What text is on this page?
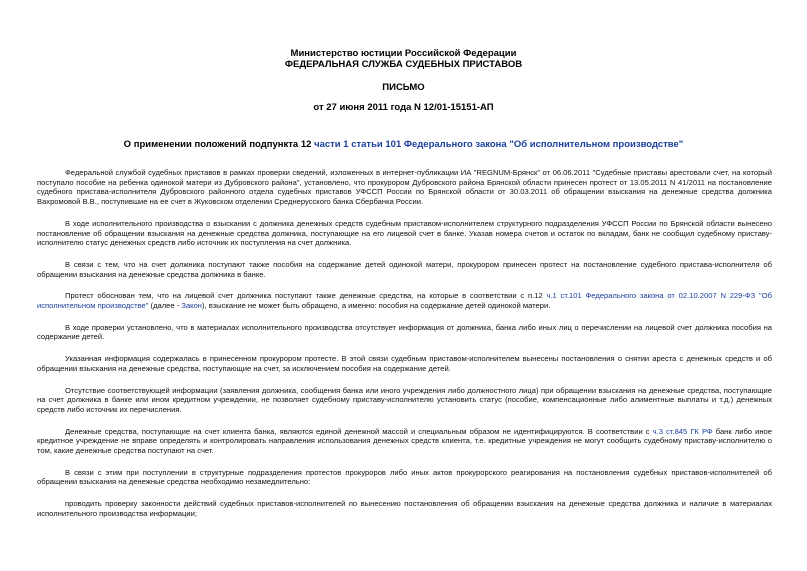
Министерство юстиции Российской Федерации

ФЕДЕРАЛЬНАЯ СЛУЖБА СУДЕБНЫХ ПРИСТАВОВ

ПИСЬМО

от 27 июня 2011 года N 12/01-15151-АП

О применении положений подпункта 12 части 1 статьи 101 Федерального закона "Об исполнительном производстве"

Федеральной службой судебных приставов в рамках проверки сведений, изложенных в интернет-публикации ИА "REGNUM-Брянск" от 06.06.2011 "Судебные приставы арестовали счет, на который поступало пособие на ребенка одинокой матери из Дубровского района", установлено, что прокурором Дубровского района Брянской области принесен протест от 13.05.2011 N 41/2011 на постановление судебного пристава-исполнителя Дубровского районного отдела судебных приставов УФССП России по Брянской области от 30.03.2011 об обращении взыскания на денежные средства должника Вахромовой В.В., поступившие на ее счет в Жуковском отделении Среднерусского банка Сбербанка России.

В ходе исполнительного производства о взыскании с должника денежных средств судебным приставом-исполнителем структурного подразделения УФССП России по Брянской области вынесено постановление об обращении взыскания на денежные средства должника, поступающие на его лицевой счет в банке. Указав номера счетов и остаток по вкладам, банк не сообщил судебному приставу-исполнителю статус денежных средств либо источник их поступления на счет должника.

В связи с тем, что на счет должника поступают также пособия на содержание детей одинокой матери, прокурором принесен протест на постановление судебного пристава-исполнителя об обращении взыскания на денежные средства должника в банке.

Протест обоснован тем, что на лицевой счет должника поступают также денежные средства, на которые в соответствии с п.12 ч.1 ст.101 Федерального закона от 02.10.2007 N 229-ФЗ "Об исполнительном производстве" (далее - Закон), взыскание не может быть обращено, а именно: пособия на содержание детей одинокой матери.

В ходе проверки установлено, что в материалах исполнительного производства отсутствует информация от должника, банка либо иных лиц о перечислении на лицевой счет должника пособия на содержание детей.

Указанная информация содержалась в принесенном прокурором протесте. В этой связи судебным приставом-исполнителем вынесены постановления о снятии ареста с денежных средств и об обращении взыскания на денежные средства, поступающие на счет, за исключением пособия на содержание детей.

Отсутствие соответствующей информации (заявления должника, сообщения банка или иного учреждения либо должностного лица) при обращении взыскания на денежные средства, поступающие на счет должника в банке или ином кредитном учреждении, не позволяет судебному приставу-исполнителю установить статус (пособие, компенсационные либо алиментные выплаты и т.д.) денежных средств либо источник их перечисления.

Денежные средства, поступающие на счет клиента банка, являются единой денежной массой и специальным образом не идентифицируются. В соответствии с ч.3 ст.845 ГК РФ банк либо иное кредитное учреждение не вправе определять и контролировать направления использования денежных средств клиента, т.е. кредитные учреждения не могут сообщить судебному приставу-исполнителю о том, какие денежные средства поступают на счет.

В связи с этим при поступлении в структурные подразделения протестов прокуроров либо иных актов прокурорского реагирования на постановления судебных приставов-исполнителей об обращении взыскания на денежные средства необходимо незамедлительно:

проводить проверку законности действий судебных приставов-исполнителей по вынесению постановления об обращении взыскания на денежные средства должника и наличие в материалах исполнительного производства информации;
